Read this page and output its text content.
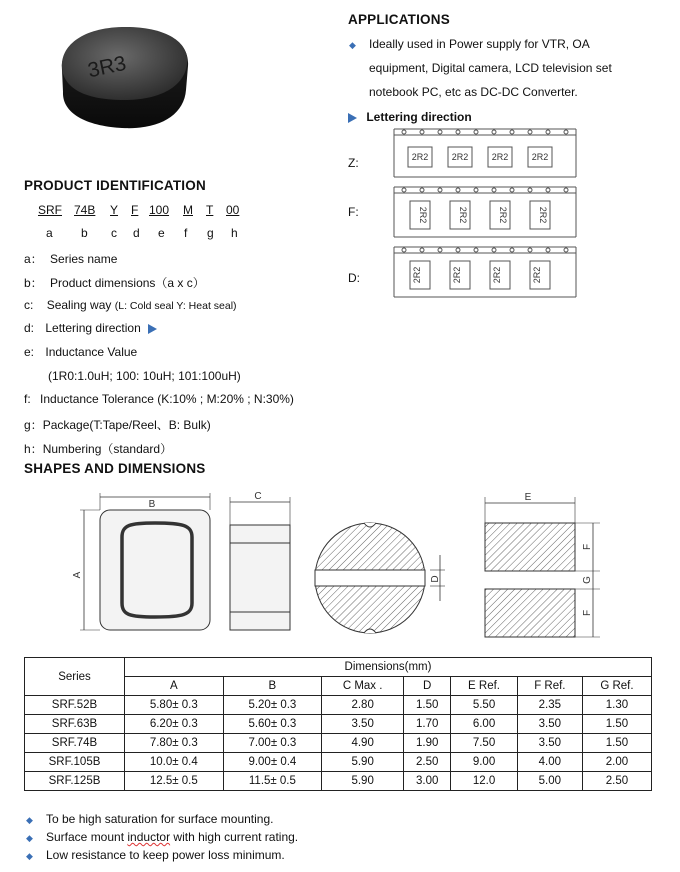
3R3
APPLICATIONS
◆ Ideally used in Power supply for VTR, OA
equipment, Digital camera, LCD television set
notebook PC, etc as DC-DC Converter.
Lettering direction
Z:
F:
D:
2R2	2R2	2R2	2R2
2R2	2R2	2R2	2R2
2R2	2R2	2R2	2R2
PRODUCT IDENTIFICATION
SRF 74B Y F 100 M T 00
a b c d e f g h
a： Series name
b： Product dimensions（a x c）
c: Sealing way (L: Cold seal Y: Heat seal)
d: Lettering direction
e: Inductance Value
(1R0:1.0uH; 100: 10uH; 101:100uH)
f: Inductance Tolerance (K:10% ; M:20% ; N:30%)
g：Package(T:Tape/Reel、B: Bulk)
h：Numbering（standard）
SHAPES AND DIMENSIONS
B
A
C
D
E
F
G
F
Series	Dimensions(mm)						
	A	B	C Max .	D	E Ref.	F Ref.	G Ref.
SRF.52B	5.80± 0.3	5.20± 0.3	2.80	1.50	5.50	2.35	1.30
SRF.63B	6.20± 0.3	5.60± 0.3	3.50	1.70	6.00	3.50	1.50
SRF.74B	7.80± 0.3	7.00± 0.3	4.90	1.90	7.50	3.50	1.50
SRF.105B	10.0± 0.4	9.00± 0.4	5.90	2.50	9.00	4.00	2.00
SRF.125B	12.5± 0.5	11.5± 0.5	5.90	3.00	12.0	5.00	2.50
◆ To be high saturation for surface mounting.
◆ Surface mount inductor with high current rating.
◆ Low resistance to keep power loss minimum.
